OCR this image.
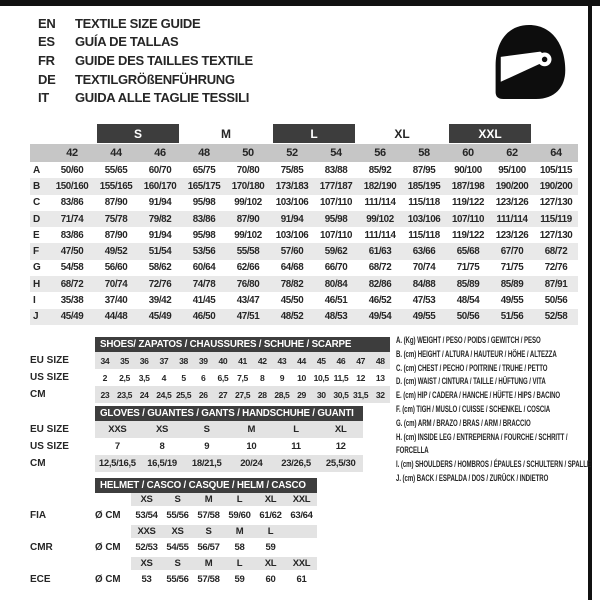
EN	TEXTILE SIZE GUIDE
ES	GUÍA DE TALLAS
FR	GUIDE DES TAILLES TEXTILE
DE	TEXTILGRÖßENFÜHRUNG
IT	GUIDA ALLE TAGLIE TESSILI
S	M	L	XL	XXL
42	44	46	48	50	52	54	56	58	60	62	64
A	50/60	55/65	60/70	65/75	70/80	75/85	83/88	85/92	87/95	90/100	95/100	105/115
B	150/160	155/165	160/170	165/175	170/180	173/183	177/187	182/190	185/195	187/198	190/200	190/200
C	83/86	87/90	91/94	95/98	99/102	103/106	107/110	111/114	115/118	119/122	123/126	127/130
D	71/74	75/78	79/82	83/86	87/90	91/94	95/98	99/102	103/106	107/110	111/114	115/119
E	83/86	87/90	91/94	95/98	99/102	103/106	107/110	111/114	115/118	119/122	123/126	127/130
F	47/50	49/52	51/54	53/56	55/58	57/60	59/62	61/63	63/66	65/68	67/70	68/72
G	54/58	56/60	58/62	60/64	62/66	64/68	66/70	68/72	70/74	71/75	71/75	72/76
H	68/72	70/74	72/76	74/78	76/80	78/82	80/84	82/86	84/88	85/89	85/89	87/91
I	35/38	37/40	39/42	41/45	43/47	45/50	46/51	46/52	47/53	48/54	49/55	50/56
J	45/49	44/48	45/49	46/50	47/51	48/52	48/53	49/54	49/55	50/56	51/56	52/58
SHOES/ ZAPATOS / CHAUSSURES / SCHUHE / SCARPE
EU SIZE	34	35	36	37	38	39	40	41	42	43	44	45	46	47	48
US SIZE	2	2,5	3,5	4	5	6	6,5	7,5	8	9	10 10,5 11,5 12	13
CM	23 23,5 24 24,5 25,5 26	27 27,5 28 28,5 29	30 30,5 31,5 32
GLOVES / GUANTES / GANTS / HANDSCHUHE / GUANTI
EU SIZE	XXS	XS	S	M	L	XL
US SIZE	7	8	9	10	11	12
CM	12,5/16,5	16,5/19	18/21,5	20/24	23/26,5	25,5/30
HELMET / CASCO / CASQUE / HELM / CASCO
XS	S	M	L	XL	XXL
FIA	Ø CM	53/54 55/56 57/58 59/60 61/62 63/64
XXS	XS	S	M	L
CMR	Ø CM	52/53 54/55 56/57	58	59
XS	S	M	L	XL	XXL
ECE	Ø CM	53	55/56 57/58	59	60	61
A. (Kg) WEIGHT / PESO / POIDS / GEWITCH / PESO
B. (cm) HEIGHT / ALTURA / HAUTEUR / HÖHE / ALTEZZA
C. (cm) CHEST / PECHO / POITRINE / TRUHE / PETTO
D. (cm) WAIST / CINTURA / TAILLE / HÜFTUNG / VITA
E. (cm) HIP / CADERA / HANCHE / HÜFTE / HIPS / BACINO
F. (cm) TIGH / MUSLO / CUISSE / SCHENKEL / COSCIA
G. (cm) ARM / BRAZO / BRAS / ARM / BRACCIO
H. (cm) INSIDE LEG / ENTREPIERNA / FOURCHE / SCHRITT / FORCELLA
I. (cm) SHOULDERS / HOMBROS / ÉPAULES / SCHULTERN / SPALLE
J. (cm) BACK / ESPALDA / DOS / ZURÜCK / INDIETRO
